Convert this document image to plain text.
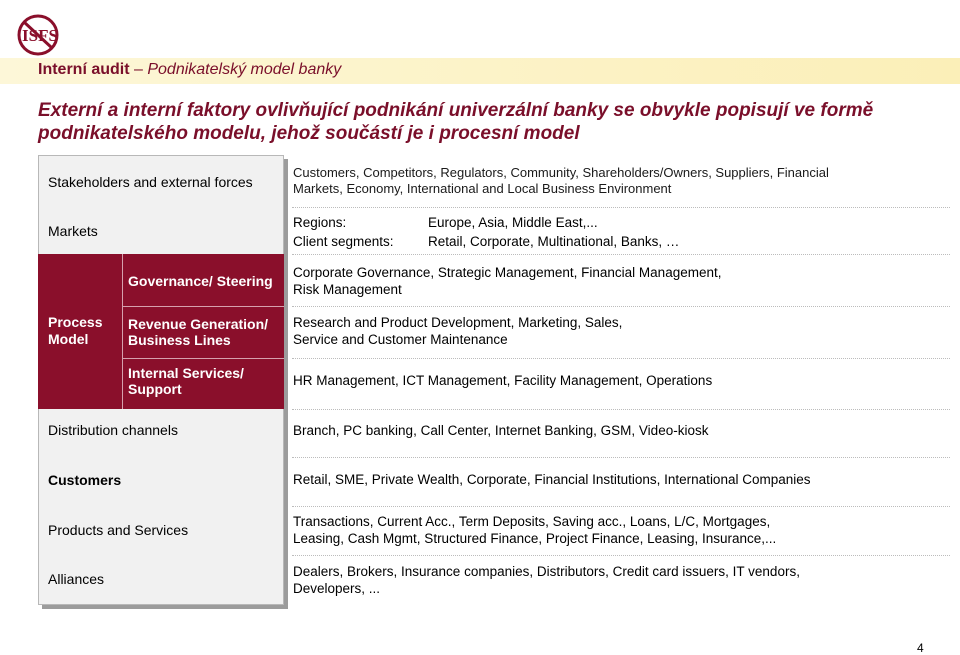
ISFS
Interní audit – Podnikatelský model banky
Externí a interní faktory ovlivňující podnikání univerzální banky se obvykle popisují ve formě podnikatelského modelu, jehož součástí je i procesní model
Stakeholders and external forces
Markets
Process
Model
Governance/ Steering
Revenue Generation/
Business Lines
Internal Services/
Support
Distribution channels
Customers
Products and Services
Alliances
Customers, Competitors, Regulators, Community, Shareholders/Owners, Suppliers, Financial
Markets, Economy, International and Local Business Environment
Regions:	Europe, Asia, Middle East,...
Client segments:	Retail, Corporate, Multinational, Banks, …
Corporate Governance, Strategic Management, Financial Management,
Risk Management
Research and Product Development, Marketing, Sales,
Service and Customer Maintenance
HR Management, ICT Management, Facility Management, Operations
Branch, PC banking, Call Center, Internet Banking, GSM, Video-kiosk
Retail, SME, Private Wealth, Corporate, Financial Institutions, International Companies
Transactions, Current Acc., Term Deposits, Saving acc., Loans, L/C, Mortgages,
Leasing, Cash Mgmt, Structured Finance, Project Finance, Leasing, Insurance,...
Dealers, Brokers, Insurance companies, Distributors, Credit card issuers, IT vendors,
Developers, ...
4
